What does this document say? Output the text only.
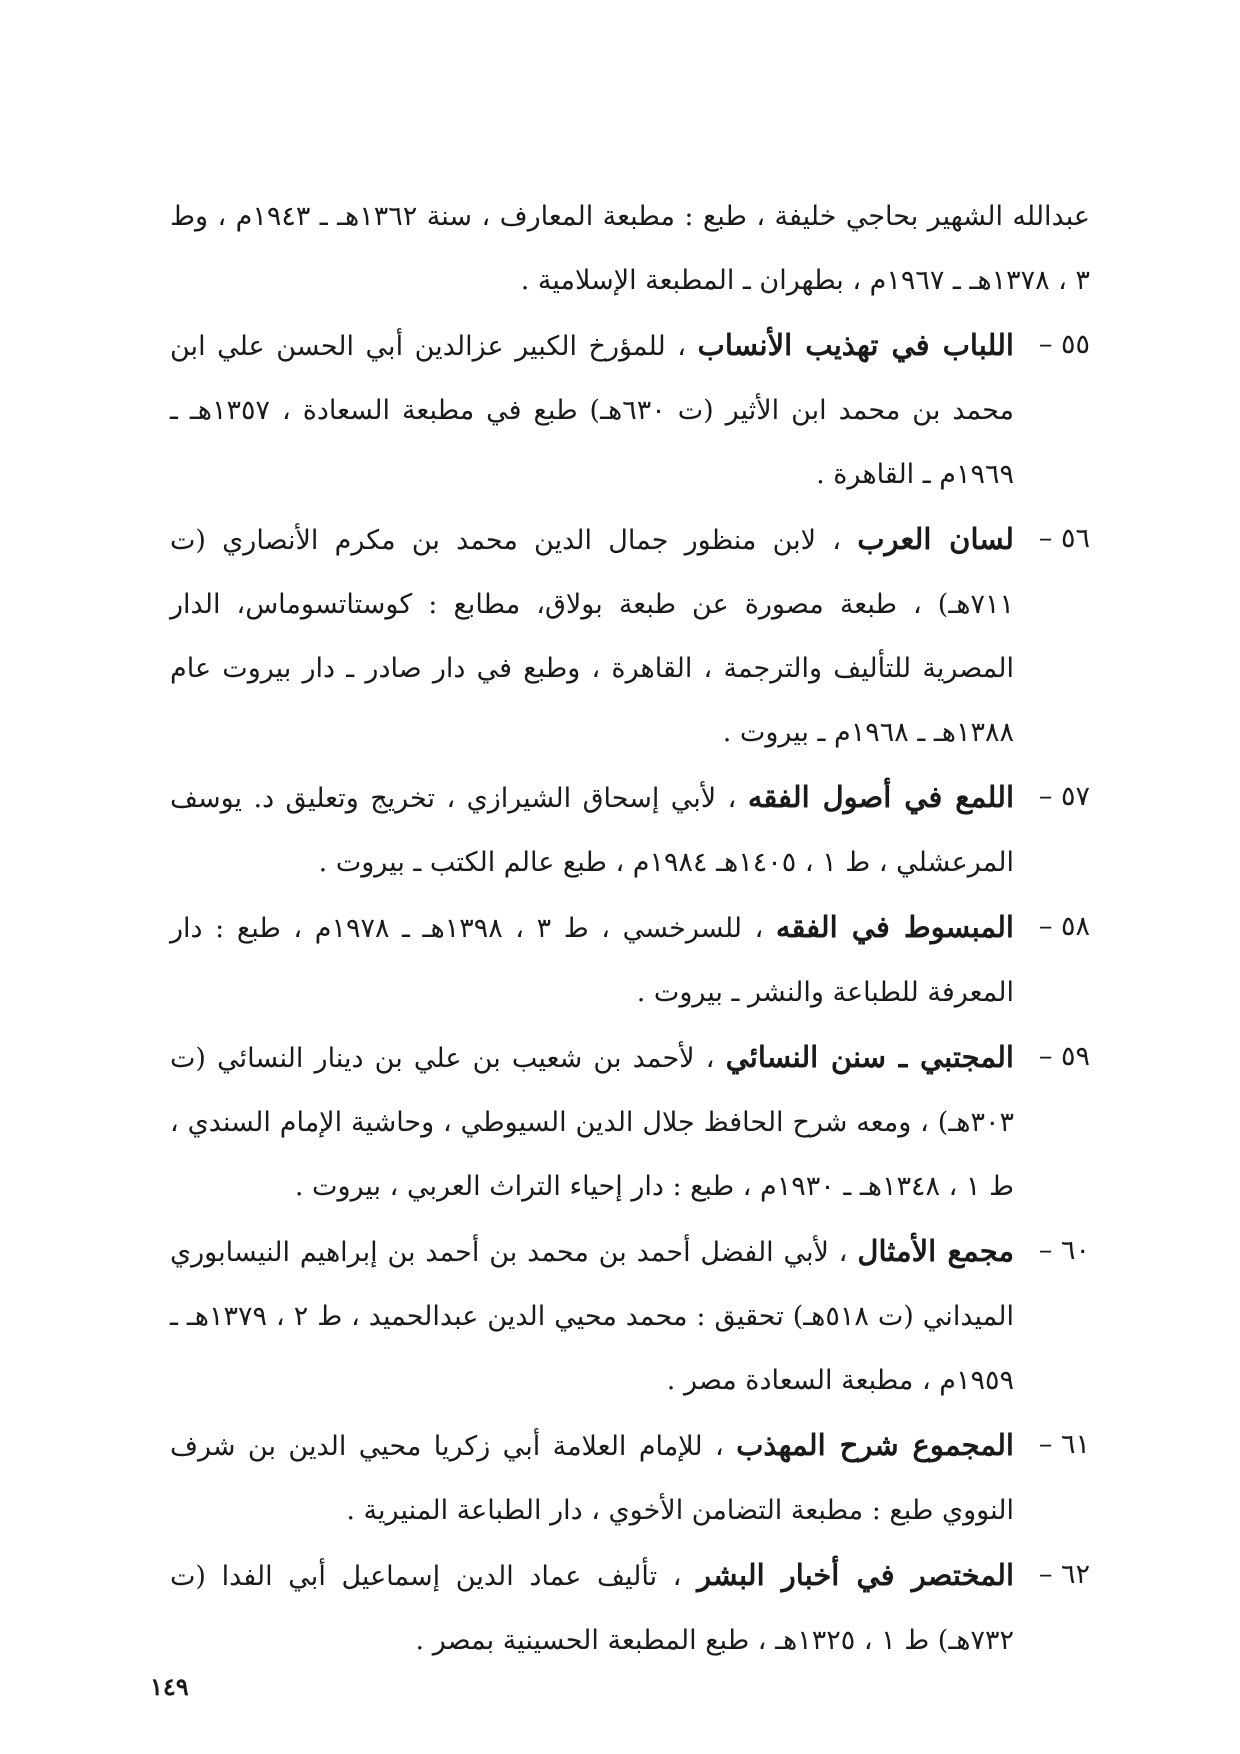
عبدالله الشهير بحاجي خليفة ، طبع : مطبعة المعارف ، سنة ١٣٦٢هـ ـ ١٩٤٣م ، وط ٣ ، ١٣٧٨هـ ـ ١٩٦٧م ، بطهران ـ المطبعة الإسلامية .

٥٥ –
اللباب في تهذيب الأنساب ، للمؤرخ الكبير عزالدين أبي الحسن علي ابن محمد بن محمد ابن الأثير (ت ٦٣٠هـ) طبع في مطبعة السعادة ، ١٣٥٧هـ ـ ١٩٦٩م ـ القاهرة .

٥٦ –
لسان العرب ، لابن منظور جمال الدين محمد بن مكرم الأنصاري (ت ٧١١هـ) ، طبعة مصورة عن طبعة بولاق، مطابع : كوستاتسوماس، الدار المصرية للتأليف والترجمة ، القاهرة ، وطبع في دار صادر ـ دار بيروت عام ١٣٨٨هـ ـ ١٩٦٨م ـ بيروت .

٥٧ –
اللمع في أصول الفقه ، لأبي إسحاق الشيرازي ، تخريج وتعليق د. يوسف المرعشلي ، ط ١ ، ١٤٠٥هـ ١٩٨٤م ، طبع عالم الكتب ـ بيروت .

٥٨ –
المبسوط في الفقه ، للسرخسي ، ط ٣ ، ١٣٩٨هـ ـ ١٩٧٨م ، طبع : دار المعرفة للطباعة والنشر ـ بيروت .

٥٩ –
المجتبي ـ سنن النسائي ، لأحمد بن شعيب بن علي بن دينار النسائي (ت ٣٠٣هـ) ، ومعه شرح الحافظ جلال الدين السيوطي ، وحاشية الإمام السندي ، ط ١ ، ١٣٤٨هـ ـ ١٩٣٠م ، طبع : دار إحياء التراث العربي ، بيروت .

٦٠ –
مجمع الأمثال ، لأبي الفضل أحمد بن محمد بن أحمد بن إبراهيم النيسابوري الميداني (ت ٥١٨هـ) تحقيق : محمد محيي الدين عبدالحميد ، ط ٢ ، ١٣٧٩هـ ـ ١٩٥٩م ، مطبعة السعادة مصر .

٦١ –
المجموع شرح المهذب ، للإمام العلامة أبي زكريا محيي الدين بن شرف النووي طبع : مطبعة التضامن الأخوي ، دار الطباعة المنيرية .

٦٢ –
المختصر في أخبار البشر ، تأليف عماد الدين إسماعيل أبي الفدا (ت ٧٣٢هـ) ط ١ ، ١٣٢٥هـ ، طبع المطبعة الحسينية بمصر .

١٤٩
